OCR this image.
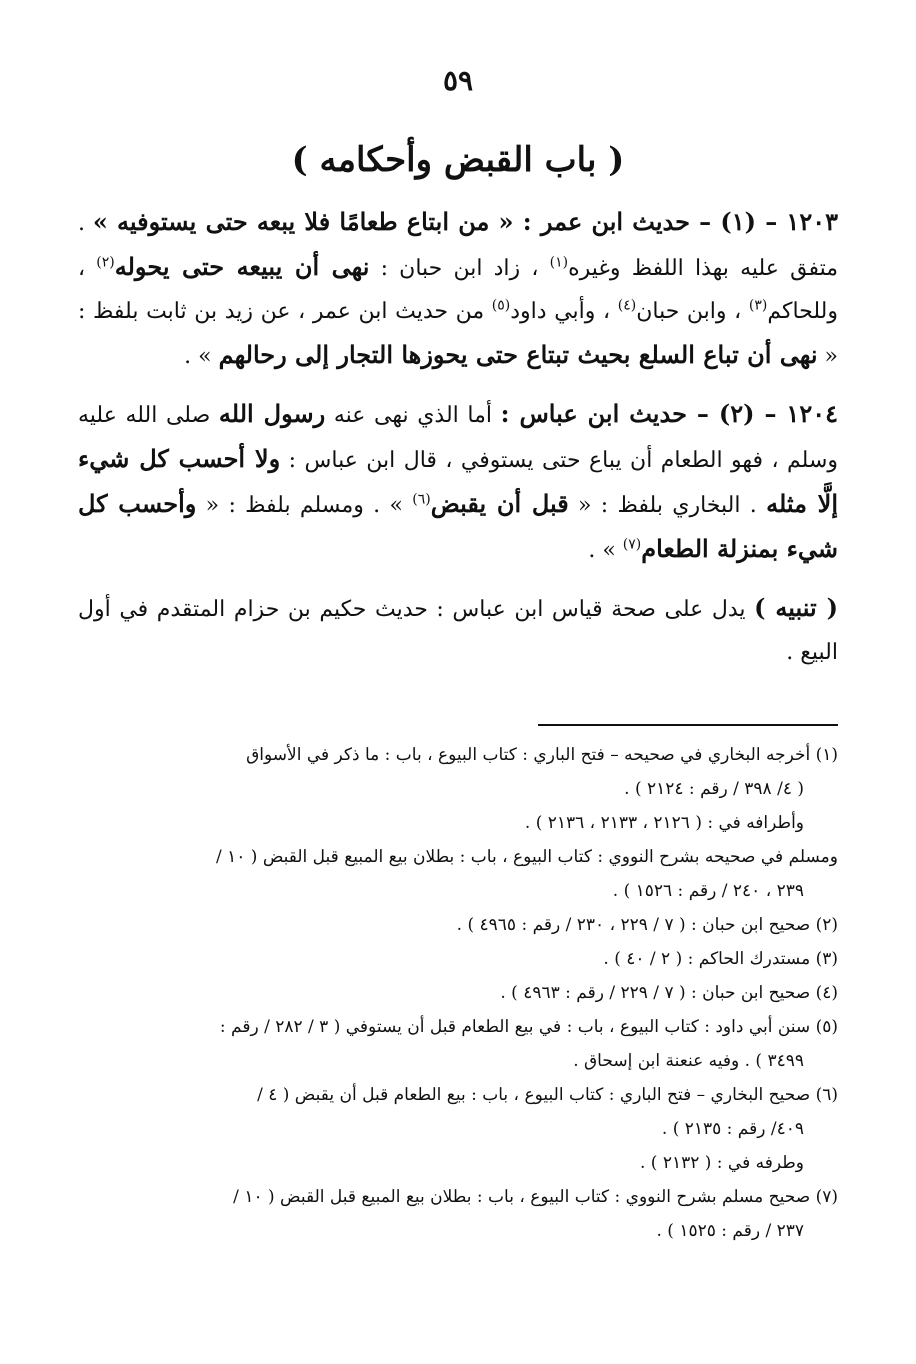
٥٩
( باب القبض وأحكامه )

١٢٠٣ – (١) – حديث ابن عمر : « من ابتاع طعامًا فلا يبعه حتى يستوفيه » . متفق عليه بهذا اللفظ وغيره$^{(١)}$ ، زاد ابن حبان : نهى أن يبيعه حتى يحوله$^{(٢)}$ ، وللحاكم$^{(٣)}$ ، وابن حبان$^{(٤)}$ ، وأبي داود$^{(٥)}$ من حديث ابن عمر ، عن زيد بن ثابت بلفظ : « نهى أن تباع السلع بحيث تبتاع حتى يحوزها التجار إلى رحالهم » .

١٢٠٤ – (٢) – حديث ابن عباس : أما الذي نهى عنه رسول الله صلى الله عليه وسلم ، فهو الطعام أن يباع حتى يستوفي ، قال ابن عباس : ولا أحسب كل شيء إلَّا مثله . البخاري بلفظ : « قبل أن يقبض$^{(٦)}$ » . ومسلم بلفظ : « وأحسب كل شيء بمنزلة الطعام$^{(٧)}$ » .

( تنبيه ) يدل على صحة قياس ابن عباس : حديث حكيم بن حزام المتقدم في أول البيع .

(١) أخرجه البخاري في صحيحه – فتح الباري : كتاب البيوع ، باب : ما ذكر في الأسواق
( ٤/ ٣٩٨ / رقم : ٢١٢٤ ) .
وأطرافه في : ( ٢١٢٦ ، ٢١٣٣ ، ٢١٣٦ ) .
ومسلم في صحيحه بشرح النووي : كتاب البيوع ، باب : بطلان بيع المبيع قبل القبض ( ١٠ /
٢٣٩ ، ٢٤٠ / رقم : ١٥٢٦ ) .
(٢) صحيح ابن حبان : ( ٧ / ٢٢٩ ، ٢٣٠ / رقم : ٤٩٦٥ ) .
(٣) مستدرك الحاكم : ( ٢ / ٤٠ ) .
(٤) صحيح ابن حبان : ( ٧ / ٢٢٩ / رقم : ٤٩٦٣ ) .
(٥) سنن أبي داود : كتاب البيوع ، باب : في بيع الطعام قبل أن يستوفي ( ٣ / ٢٨٢ / رقم :
٣٤٩٩ ) . وفيه عنعنة ابن إسحاق .
(٦) صحيح البخاري – فتح الباري : كتاب البيوع ، باب : بيع الطعام قبل أن يقبض ( ٤ /
٤٠٩/ رقم : ٢١٣٥ ) .
وطرفه في : ( ٢١٣٢ ) .
(٧) صحيح مسلم بشرح النووي : كتاب البيوع ، باب : بطلان بيع المبيع قبل القبض ( ١٠ /
٢٣٧ / رقم : ١٥٢٥ ) .
